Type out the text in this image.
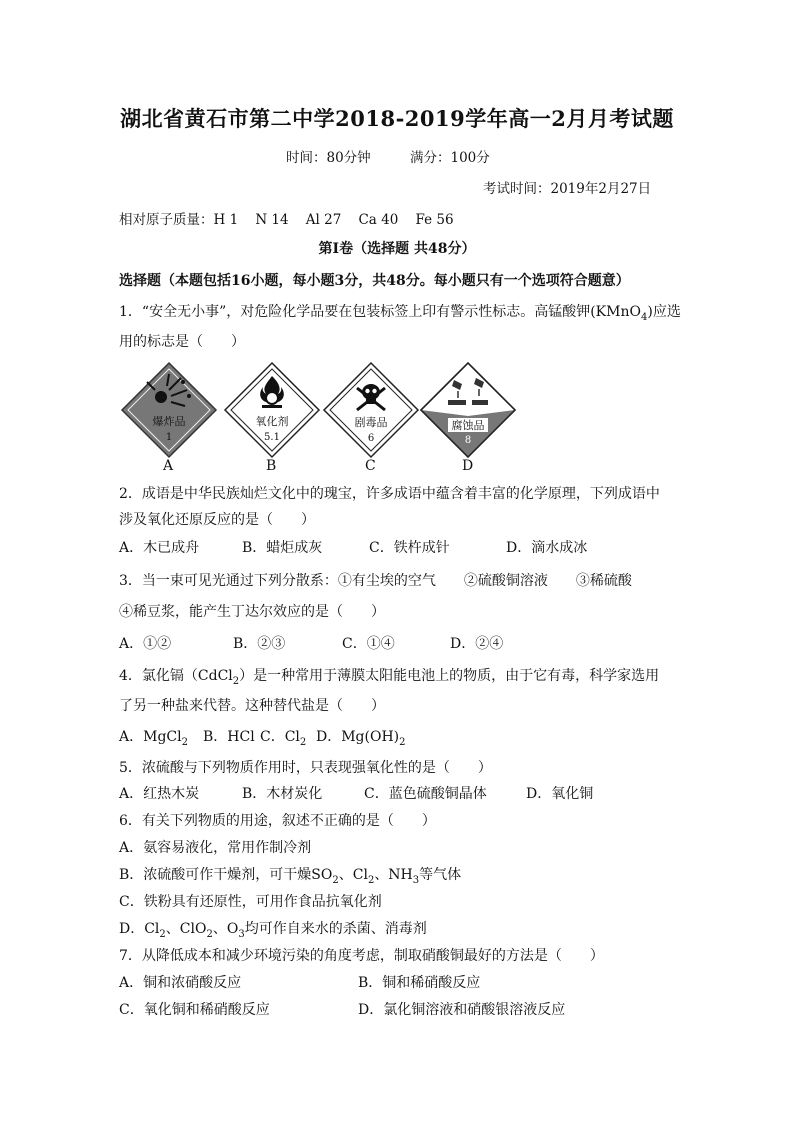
湖北省黄石市第二中学2018-2019学年高一2月月考试题
时间：80分钟	满分：100分
考试时间：2019年2月27日
相对原子质量：H 1    N 14    Al 27    Ca 40    Fe 56
第Ⅰ卷（选择题 共48分）
选择题（本题包括16小题，每小题3分，共48分。每小题只有一个选项符合题意）
1．“安全无小事”，对危险化学品要在包装标签上印有警示性标志。高锰酸钾(KMnO$_4$)应选
用的标志是（　　）
爆炸品
1
氧化剂
5.1
剧毒品
6
腐蚀品
8
A	B	C	D
2．成语是中华民族灿烂文化中的瑰宝，许多成语中蕴含着丰富的化学原理，下列成语中
涉及氧化还原反应的是（　　）
A．木已成舟	B．蜡炬成灰	C．铁杵成针	D．滴水成冰
3．当一束可见光通过下列分散系：①有尘埃的空气　　②硫酸铜溶液　　③稀硫酸
④稀豆浆，能产生丁达尔效应的是（　　）
A．①②	B．②③	C．①④	D．②④
4．氯化镉（CdCl$_2$）是一种常用于薄膜太阳能电池上的物质，由于它有毒，科学家选用
了另一种盐来代替。这种替代盐是（　　）
A．MgCl$_2$ B．HCl C．$Cl_2$ D．$Mg(OH)_2$
5．浓硫酸与下列物质作用时，只表现强氧化性的是（　　）
A．红热木炭	B．木材炭化	C．蓝色硫酸铜晶体	D．氧化铜
6．有关下列物质的用途，叙述不正确的是（　　）
A．氨容易液化，常用作制冷剂
B．浓硫酸可作干燥剂，可干燥$SO_2$、$Cl_2$、$NH_3$等气体
C．铁粉具有还原性，可用作食品抗氧化剂
D．$Cl_2$、ClO$_2$、$O_3$均可作自来水的杀菌、消毒剂
7．从降低成本和减少环境污染的角度考虑，制取硝酸铜最好的方法是（　　）
A．铜和浓硝酸反应	B．铜和稀硝酸反应
C．氧化铜和稀硝酸反应	D．氯化铜溶液和硝酸银溶液反应
